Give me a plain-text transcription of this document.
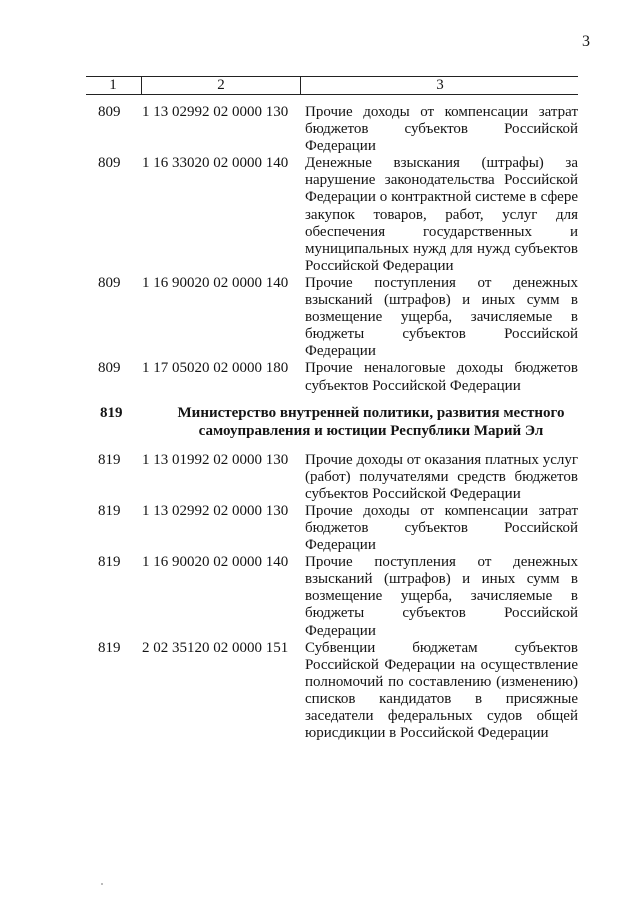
3
1	2	3
809	1 13 02992 02 0000 130	Прочие доходы от компенсации затрат бюджетов субъектов Российской Федерации
809	1 16 33020 02 0000 140	Денежные взыскания (штрафы) за нарушение законодательства Российской Федерации о контрактной системе в сфере закупок товаров, работ, услуг для обеспечения государственных и муниципальных нужд для нужд субъектов Российской Федерации
809	1 16 90020 02 0000 140	Прочие поступления от денежных взысканий (штрафов) и иных сумм в возмещение ущерба, зачисляемые в бюджеты субъектов Российской Федерации
809	1 17 05020 02 0000 180	Прочие неналоговые доходы бюджетов субъектов Российской Федерации
819	Министерство внутренней политики, развития местного самоуправления и юстиции Республики Марий Эл
819	1 13 01992 02 0000 130	Прочие доходы от оказания платных услуг (работ) получателями средств бюджетов субъектов Российской Федерации
819	1 13 02992 02 0000 130	Прочие доходы от компенсации затрат бюджетов субъектов Российской Федерации
819	1 16 90020 02 0000 140	Прочие поступления от денежных взысканий (штрафов) и иных сумм в возмещение ущерба, зачисляемые в бюджеты субъектов Российской Федерации
819	2 02 35120 02 0000 151	Субвенции бюджетам субъектов Российской Федерации на осуществление полномочий по составлению (изменению) списков кандидатов в присяжные заседатели федеральных судов общей юрисдикции в Российской Федерации
